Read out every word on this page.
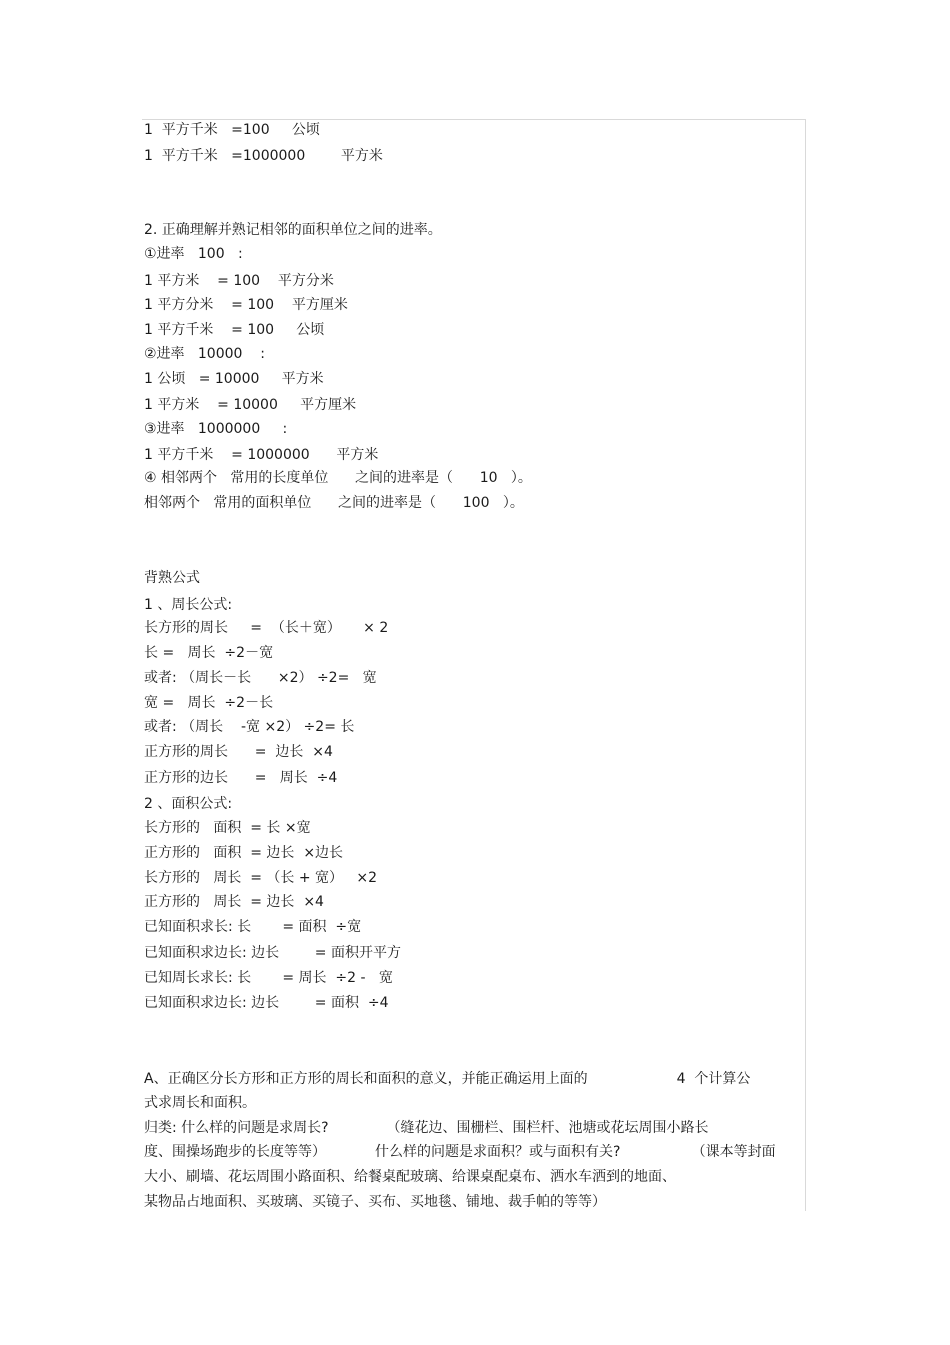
1  平方千米   =100     公顷

1  平方千米   =1000000        平方米

2. 正确理解并熟记相邻的面积单位之间的进率。

①进率   100   :

1 平方米    = 100    平方分米

1 平方分米    = 100    平方厘米

1 平方千米    = 100     公顷

②进率   10000    :

1 公顷   = 10000     平方米

1 平方米    = 10000     平方厘米

③进率   1000000     :

1 平方千米    = 1000000      平方米

④ 相邻两个   常用的长度单位      之间的进率是（      10   ）。

相邻两个   常用的面积单位      之间的进率是（      100   ）。

背熟公式

1 、周长公式:

长方形的周长     =  （长＋宽）     × 2

长 =   周长  ÷2－宽

或者: （周长－长      ×2） ÷2=   宽

宽 =   周长  ÷2－长

或者: （周长    -宽 ×2） ÷2= 长

正方形的周长      =  边长  ×4

正方形的边长      =   周长  ÷4

2 、面积公式:

长方形的   面积  = 长 ×宽

正方形的   面积  = 边长  ×边长

长方形的   周长  = （长 + 宽）   ×2

正方形的   周长  = 边长  ×4

已知面积求长: 长       = 面积  ÷宽

已知面积求边长: 边长        = 面积开平方

已知周长求长: 长       = 周长  ÷2 -   宽

已知面积求边长: 边长        = 面积  ÷4

A、正确区分长方形和正方形的周长和面积的意义，并能正确运用上面的                    4  个计算公

式求周长和面积。

归类: 什么样的问题是求周长?             （缝花边、围栅栏、围栏杆、池塘或花坛周围小路长

度、围操场跑步的长度等等）           什么样的问题是求面积？或与面积有关?                （课本等封面

大小、刷墙、花坛周围小路面积、给餐桌配玻璃、给课桌配桌布、洒水车洒到的地面、

某物品占地面积、买玻璃、买镜子、买布、买地毯、铺地、裁手帕的等等）
